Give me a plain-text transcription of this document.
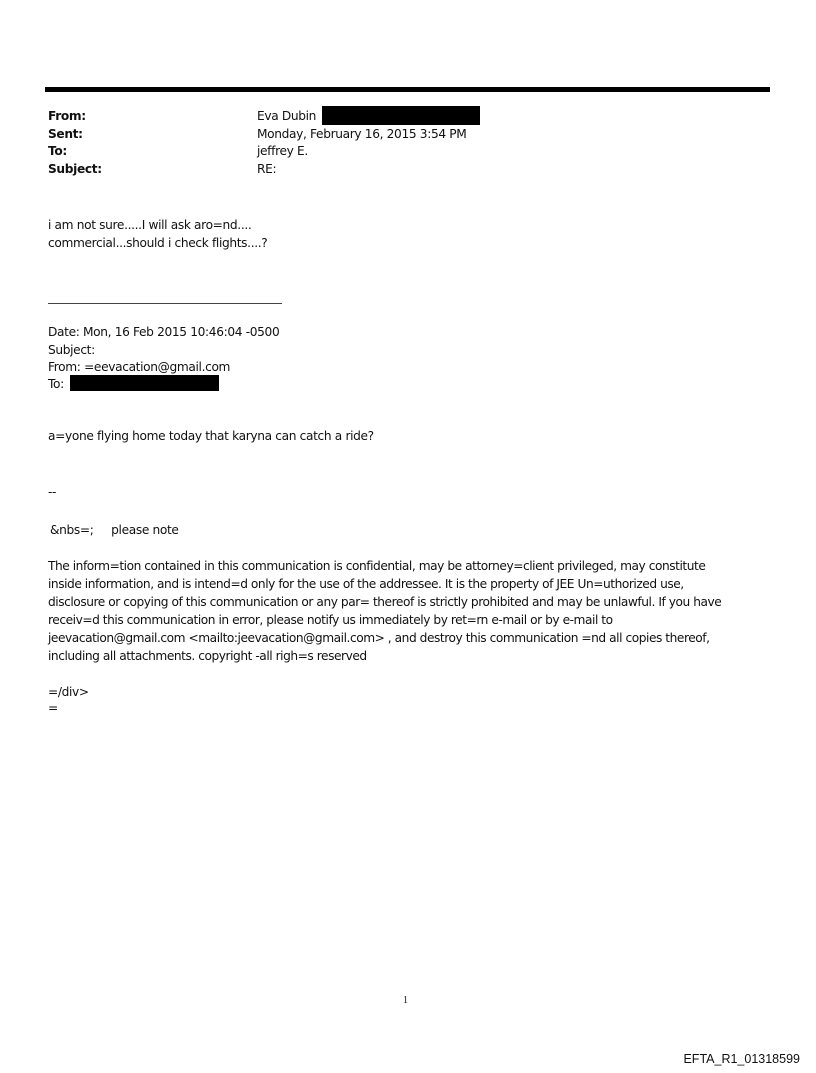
From:	Eva Dubin
Sent:	Monday, February 16, 2015 3:54 PM
To:	jeffrey E.
Subject:	RE:
i am not sure.....I will ask aro=nd....
commercial...should i check flights....?
Date: Mon, 16 Feb 2015 10:46:04 -0500
Subject:
From: =eevacation@gmail.com
To:
a=yone flying home today that karyna can catch a ride?
--
&nbs=;     please note
The inform=tion contained in this communication is confidential, may be attorney=client privileged, may constitute
inside information, and is intend=d only for the use of the addressee. It is the property of JEE Un=uthorized use,
disclosure or copying of this communication or any par= thereof is strictly prohibited and may be unlawful. If you have
receiv=d this communication in error, please notify us immediately by ret=rn e-mail or by e-mail to
jeevacation@gmail.com <mailto:jeevacation@gmail.com> , and destroy this communication =nd all copies thereof,
including all attachments. copyright -all righ=s reserved
=/div>
=
1
EFTA_R1_01318599
